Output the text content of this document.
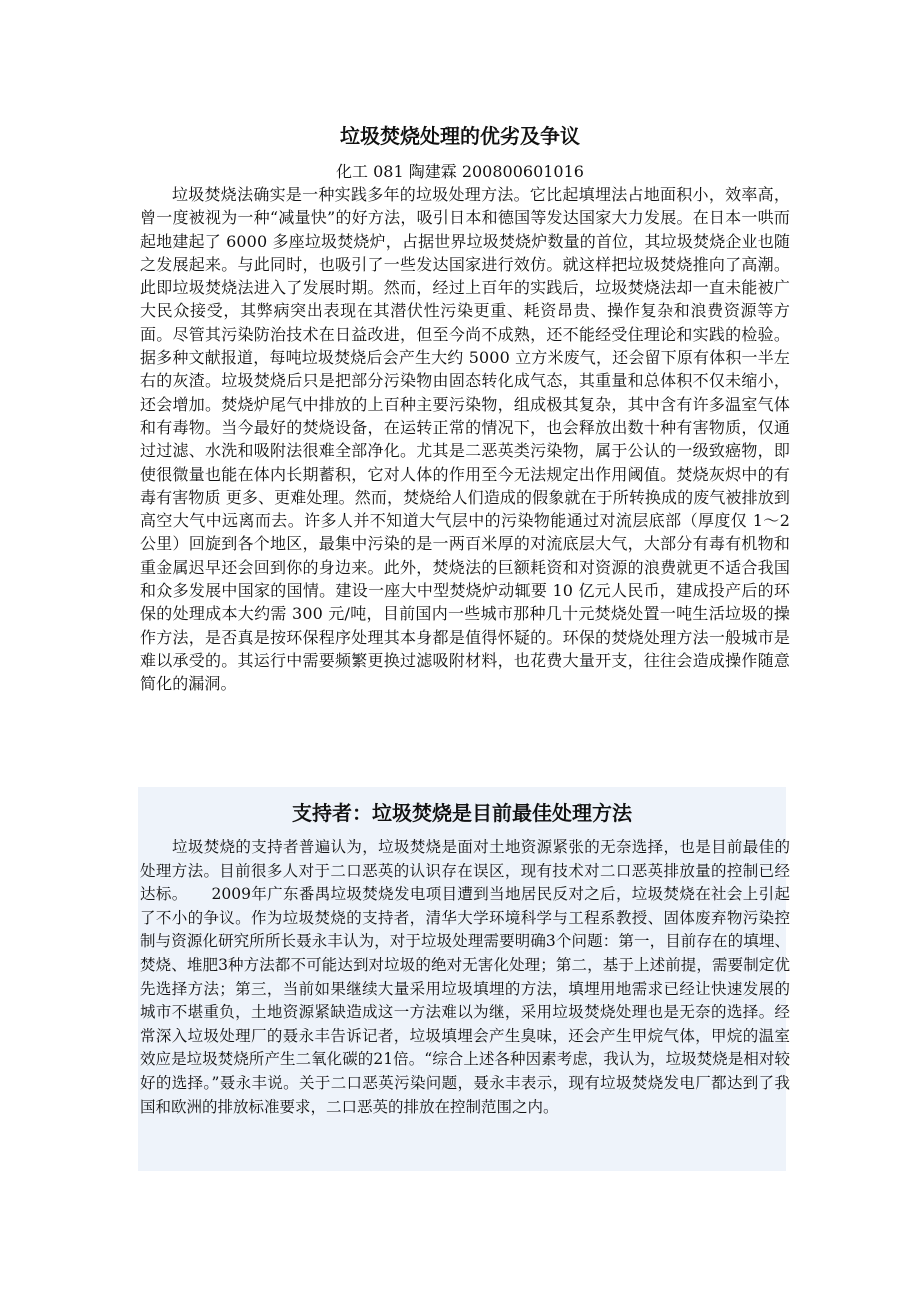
垃圾焚烧处理的优劣及争议
化工 081 陶建霖 200800601016
垃圾焚烧法确实是一种实践多年的垃圾处理方法。它比起填埋法占地面积小，效率高，曾一度被视为一种“减量快”的好方法，吸引日本和德国等发达国家大力发展。在日本一哄而起地建起了 6000 多座垃圾焚烧炉，占据世界垃圾焚烧炉数量的首位，其垃圾焚烧企业也随之发展起来。与此同时，也吸引了一些发达国家进行效仿。就这样把垃圾焚烧推向了高潮。此即垃圾焚烧法进入了发展时期。然而，经过上百年的实践后，垃圾焚烧法却一直未能被广大民众接受，其弊病突出表现在其潜伏性污染更重、耗资昂贵、操作复杂和浪费资源等方面。尽管其污染防治技术在日益改进，但至今尚不成熟，还不能经受住理论和实践的检验。据多种文献报道，每吨垃圾焚烧后会产生大约 5000 立方米废气，还会留下原有体积一半左右的灰渣。垃圾焚烧后只是把部分污染物由固态转化成气态，其重量和总体积不仅未缩小，还会增加。焚烧炉尾气中排放的上百种主要污染物，组成极其复杂，其中含有许多温室气体和有毒物。当今最好的焚烧设备，在运转正常的情况下，也会释放出数十种有害物质，仅通过过滤、水洗和吸附法很难全部净化。尤其是二恶英类污染物，属于公认的一级致癌物，即使很微量也能在体内长期蓄积，它对人体的作用至今无法规定出作用阈值。焚烧灰烬中的有毒有害物质 更多、更难处理。然而，焚烧给人们造成的假象就在于所转换成的废气被排放到高空大气中远离而去。许多人并不知道大气层中的污染物能通过对流层底部（厚度仅 1～2 公里）回旋到各个地区，最集中污染的是一两百米厚的对流底层大气，大部分有毒有机物和重金属迟早还会回到你的身边来。此外，焚烧法的巨额耗资和对资源的浪费就更不适合我国和众多发展中国家的国情。建设一座大中型焚烧炉动辄要 10 亿元人民币，建成投产后的环保的处理成本大约需 300 元/吨，目前国内一些城市那种几十元焚烧处置一吨生活垃圾的操作方法，是否真是按环保程序处理其本身都是值得怀疑的。环保的焚烧处理方法一般城市是难以承受的。其运行中需要频繁更换过滤吸附材料，也花费大量开支，往往会造成操作随意简化的漏洞。
支持者：垃圾焚烧是目前最佳处理方法
垃圾焚烧的支持者普遍认为，垃圾焚烧是面对土地资源紧张的无奈选择，也是目前最佳的处理方法。目前很多人对于二口恶英的认识存在误区，现有技术对二口恶英排放量的控制已经达标。　　2009年广东番禺垃圾焚烧发电项目遭到当地居民反对之后，垃圾焚烧在社会上引起了不小的争议。作为垃圾焚烧的支持者，清华大学环境科学与工程系教授、固体废弃物污染控制与资源化研究所所长聂永丰认为，对于垃圾处理需要明确3个问题：第一，目前存在的填埋、焚烧、堆肥3种方法都不可能达到对垃圾的绝对无害化处理；第二，基于上述前提，需要制定优先选择方法；第三，当前如果继续大量采用垃圾填埋的方法，填埋用地需求已经让快速发展的城市不堪重负，土地资源紧缺造成这一方法难以为继，采用垃圾焚烧处理也是无奈的选择。经常深入垃圾处理厂的聂永丰告诉记者，垃圾填埋会产生臭味，还会产生甲烷气体，甲烷的温室效应是垃圾焚烧所产生二氧化碳的21倍。“综合上述各种因素考虑，我认为，垃圾焚烧是相对较好的选择。”聂永丰说。关于二口恶英污染问题，聂永丰表示，现有垃圾焚烧发电厂都达到了我国和欧洲的排放标准要求，二口恶英的排放在控制范围之内。
